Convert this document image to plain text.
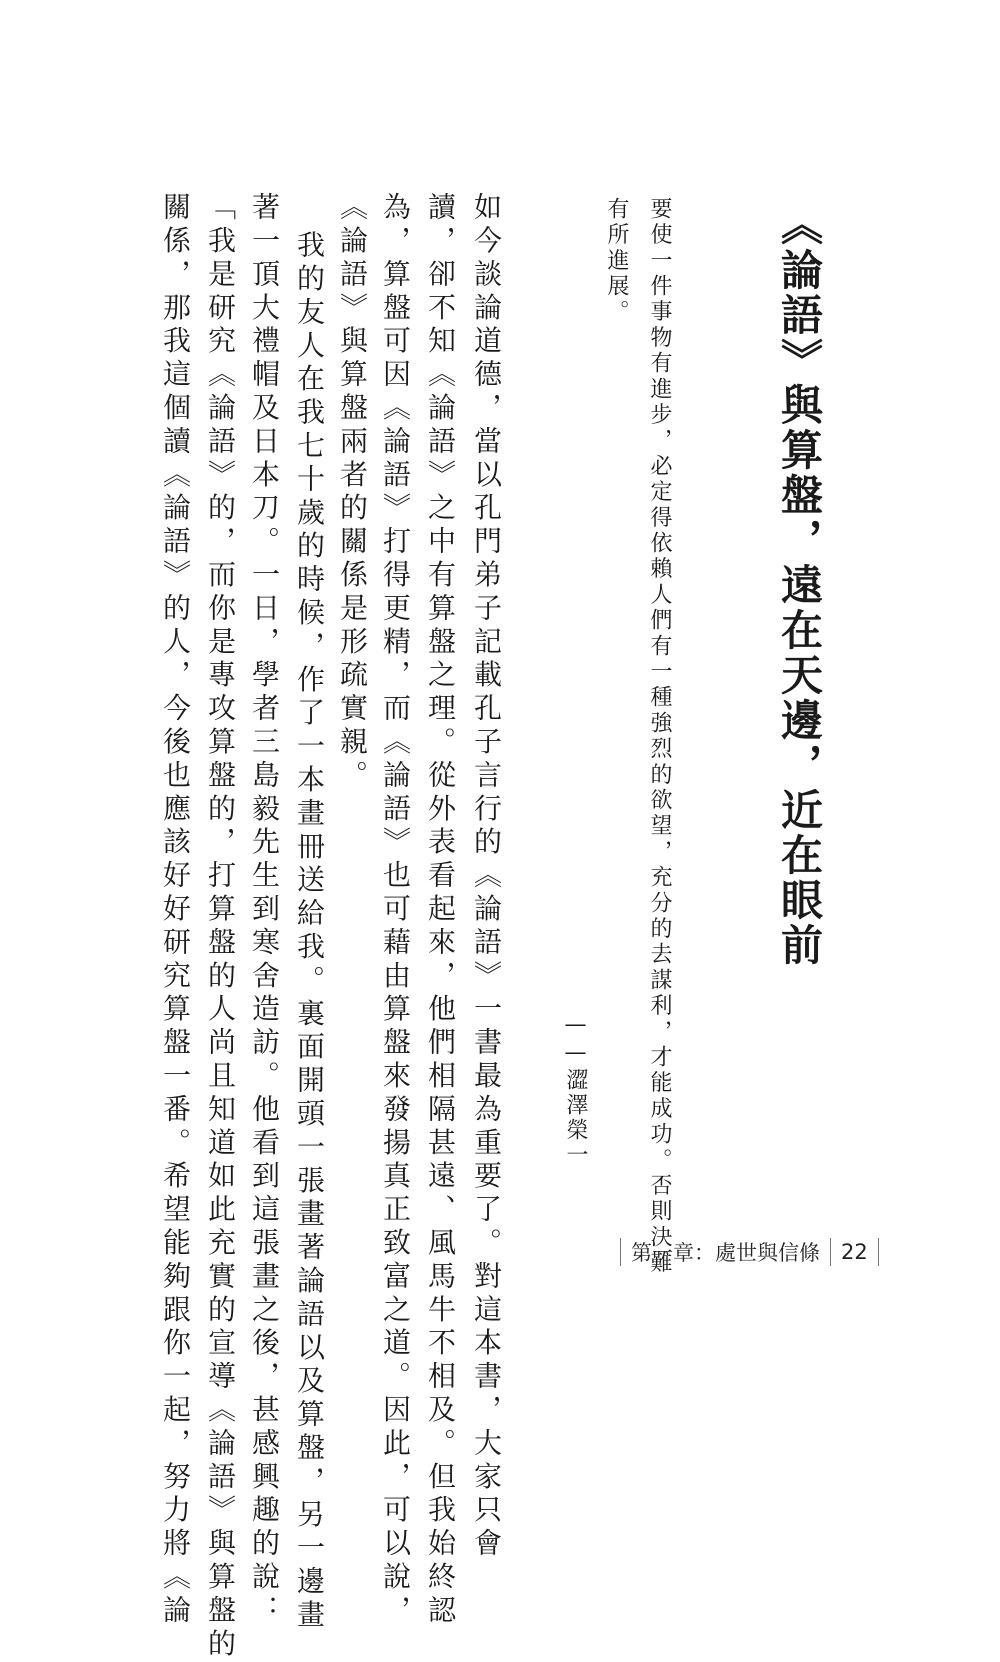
《論語》與算盤，遠在天邊，近在眼前
要使一件事物有進步，必定得依賴人們有一種強烈的欲望，充分的去謀利，才能成功。否則決難
有所進展。
——澀澤榮一
如今談論道德，當以孔門弟子記載孔子言行的《論語》一書最為重要了。對這本書，大家只會
讀，卻不知《論語》之中有算盤之理。從外表看起來，他們相隔甚遠、風馬牛不相及。但我始終認
為，算盤可因《論語》打得更精，而《論語》也可藉由算盤來發揚真正致富之道。因此，可以說，
《論語》與算盤兩者的關係是形疏實親。
我的友人在我七十歲的時候，作了一本畫冊送給我。裏面開頭一張畫著論語以及算盤，另一邊畫
著一頂大禮帽及日本刀。一日，學者三島毅先生到寒舍造訪。他看到這張畫之後，甚感興趣的說：
「我是研究《論語》的，而你是專攻算盤的，打算盤的人尚且知道如此充實的宣導《論語》與算盤的
關係，那我這個讀《論語》的人，今後也應該好好研究算盤一番。希望能夠跟你一起，努力將《論	第一章：處世與信條 22
